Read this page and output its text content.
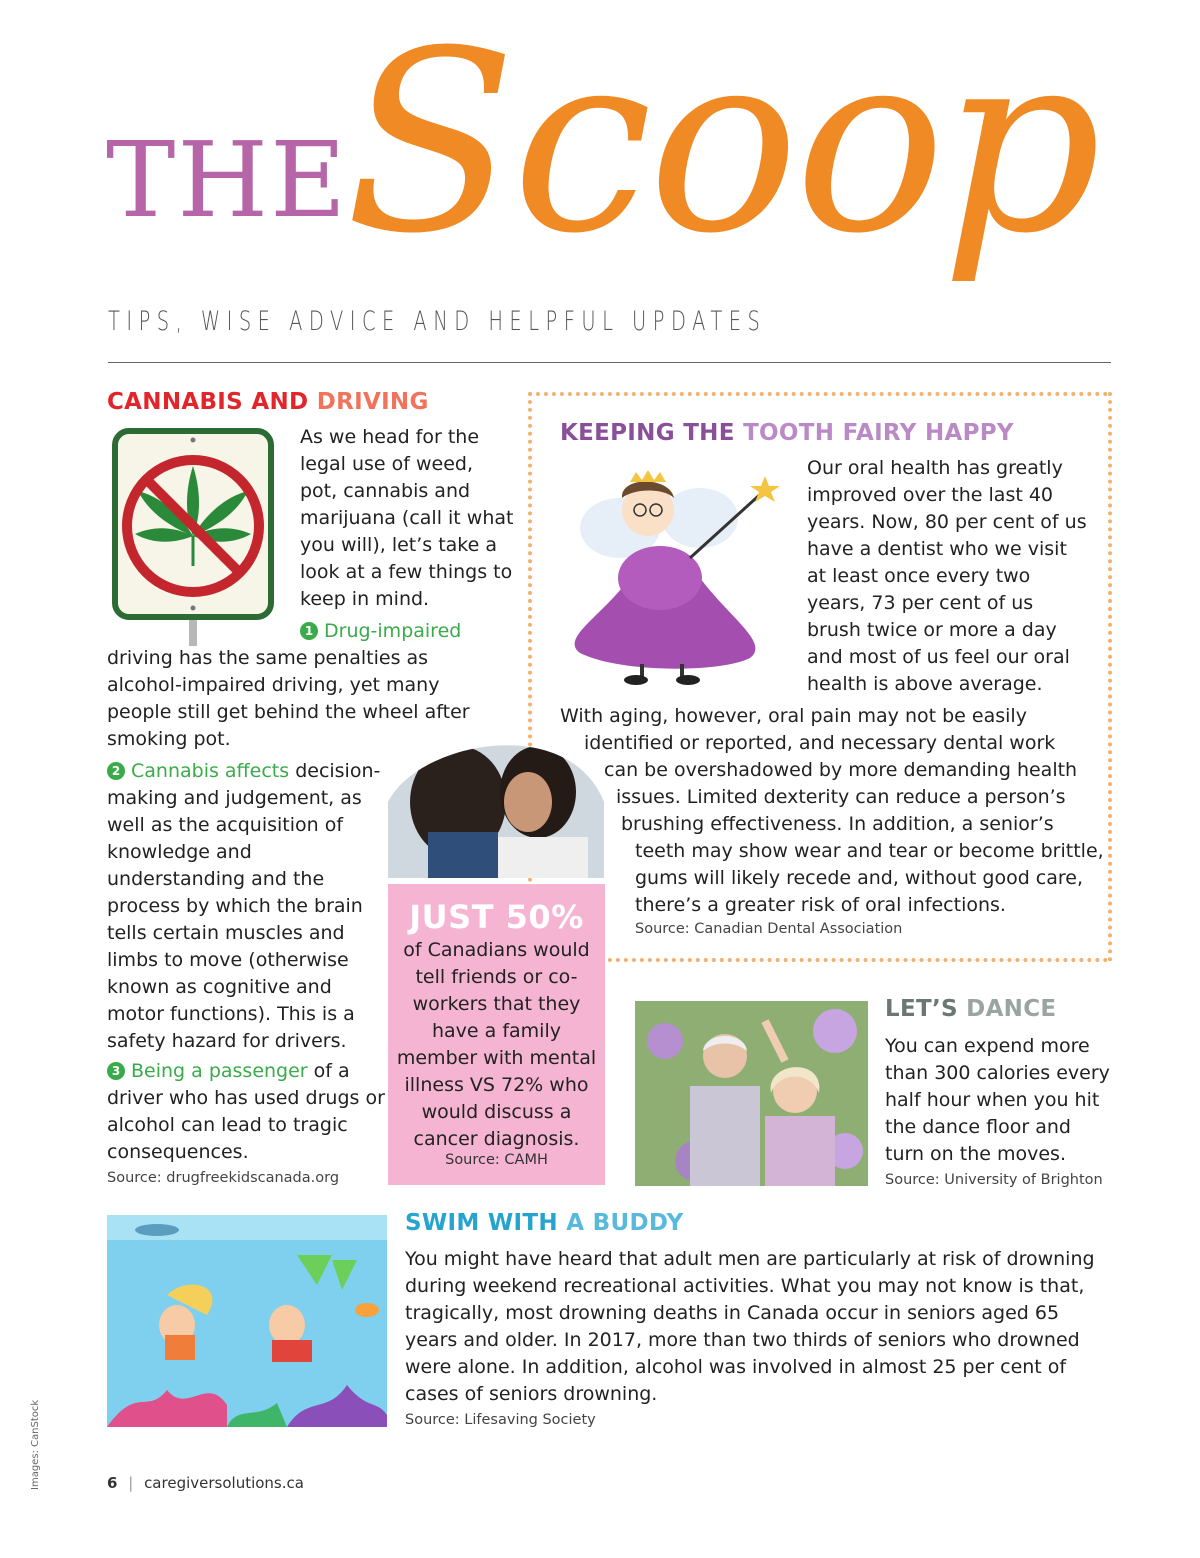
THE
Scoop
TIPS, WISE ADVICE AND HELPFUL UPDATES
CANNABIS AND DRIVING
As we head for the legal use of weed, pot, cannabis and marijuana (call it what you will), let’s take a look at a few things to keep in mind.
1 Drug-impaired
driving has the same penalties as alcohol-impaired driving, yet many people still get behind the wheel after smoking pot.
2 Cannabis affects decision-making and judgement, as well as the acquisition of knowledge and understanding and the process by which the brain tells certain muscles and limbs to move (otherwise known as cognitive and motor functions). This is a safety hazard for drivers.
3 Being a passenger of a driver who has used drugs or alcohol can lead to tragic consequences.
Source: drugfreekidscanada.org
KEEPING THE TOOTH FAIRY HAPPY
Our oral health has greatly improved over the last 40 years. Now, 80 per cent of us have a dentist who we visit at least once every two years, 73 per cent of us brush twice or more a day and most of us feel our oral health is above average.
With aging, however, oral pain may not be easily
identified or reported, and necessary dental work
can be overshadowed by more demanding health
issues. Limited dexterity can reduce a person’s
brushing effectiveness. In addition, a senior’s
teeth may show wear and tear or become brittle,
gums will likely recede and, without good care,
there’s a greater risk of oral infections.
Source: Canadian Dental Association
JUST 50%
of Canadians would tell friends or co-workers that they have a family member with mental illness VS 72% who would discuss a cancer diagnosis.
Source: CAMH
LET’S DANCE
You can expend more than 300 calories every half hour when you hit the dance floor and turn on the moves.
Source: University of Brighton
SWIM WITH A BUDDY
You might have heard that adult men are particularly at risk of drowning during weekend recreational activities. What you may not know is that, tragically, most drowning deaths in Canada occur in seniors aged 65 years and older. In 2017, more than two thirds of seniors who drowned were alone. In addition, alcohol was involved in almost 25 per cent of cases of seniors drowning.
Source: Lifesaving Society
6 | caregiversolutions.ca
Images: CanStock
